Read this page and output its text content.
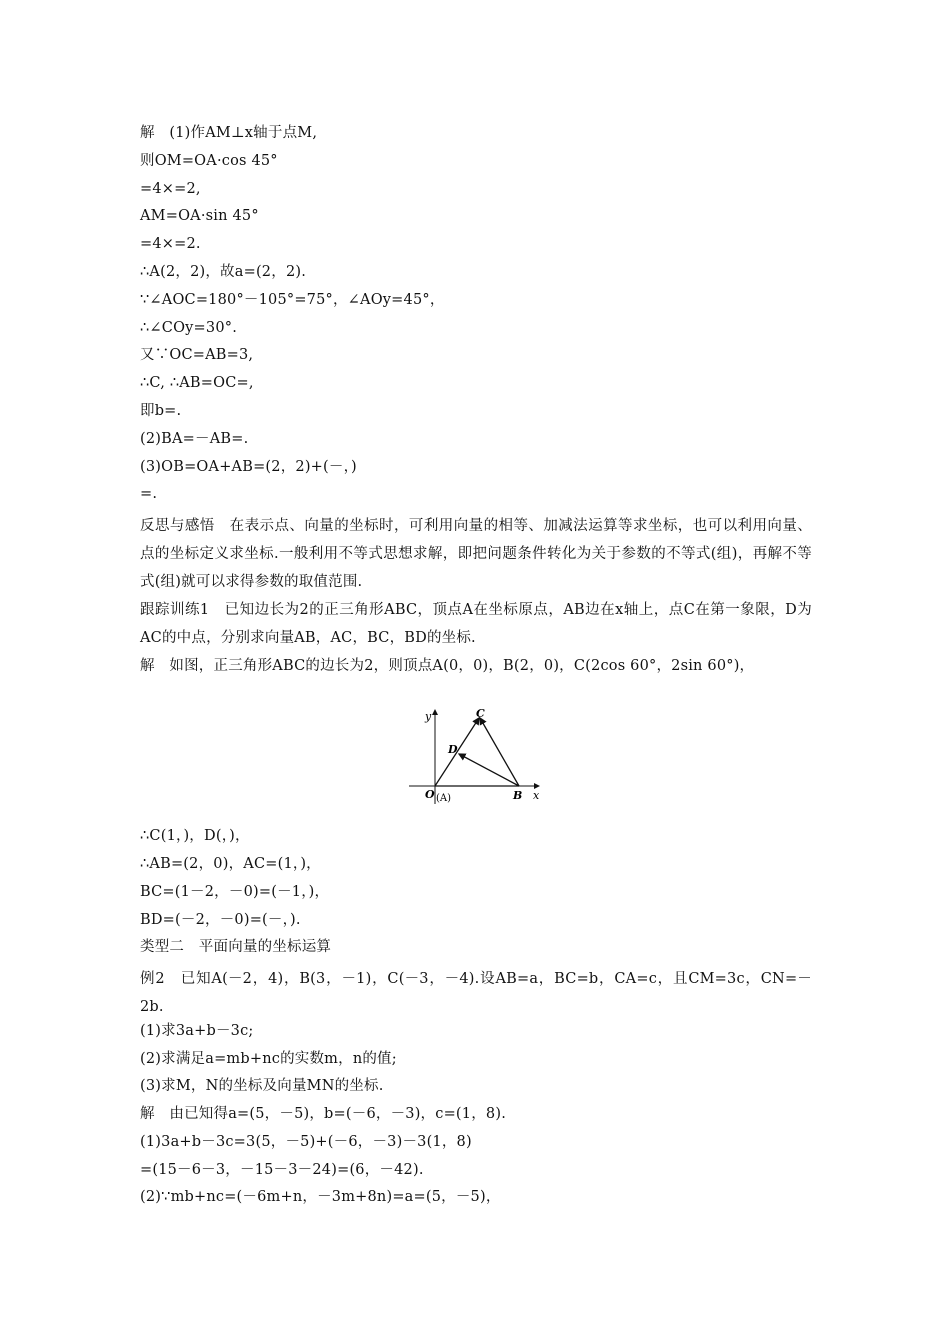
解　(1)作AM⊥x轴于点M,
则OM=OA·cos 45°
=4×=2,
AM=OA·sin 45°
=4×=2.
∴A(2，2)，故a=(2，2).
∵∠AOC=180°－105°=75°，∠AOy=45°，
∴∠COy=30°.
又∵OC=AB=3,
∴C, ∴AB=OC=,
即b=.
(2)BA=－AB=.
(3)OB=OA+AB=(2，2)+(－，)
=.
反思与感悟　在表示点、向量的坐标时，可利用向量的相等、加减法运算等求坐标，也可以利用向量、点的坐标定义求坐标.一般利用不等式思想求解，即把问题条件转化为关于参数的不等式(组)，再解不等式(组)就可以求得参数的取值范围.
跟踪训练1　已知边长为2的正三角形ABC，顶点A在坐标原点，AB边在x轴上，点C在第一象限，D为AC的中点，分别求向量AB，AC，BC，BD的坐标.
解　如图，正三角形ABC的边长为2，则顶点A(0，0)，B(2，0)，C(2cos 60°，2sin 60°)，
y
x
C
D
O (A)	B
∴C(1，)，D(，)，
∴AB=(2，0)，AC=(1，)，
BC=(1－2，－0)=(－1，)，
BD=(－2，－0)=(－，).
类型二　平面向量的坐标运算
例2　已知A(－2，4)，B(3，－1)，C(－3，－4).设AB=a，BC=b，CA=c，且CM=3c，CN=－2b.
(1)求3a+b－3c;
(2)求满足a=mb+nc的实数m，n的值;
(3)求M，N的坐标及向量MN的坐标.
解　由已知得a=(5，－5)，b=(－6，－3)，c=(1，8).
(1)3a+b－3c=3(5，－5)+(－6，－3)－3(1，8)
=(15－6－3，－15－3－24)=(6，－42).
(2)∵mb+nc=(－6m+n，－3m+8n)=a=(5，－5)，
